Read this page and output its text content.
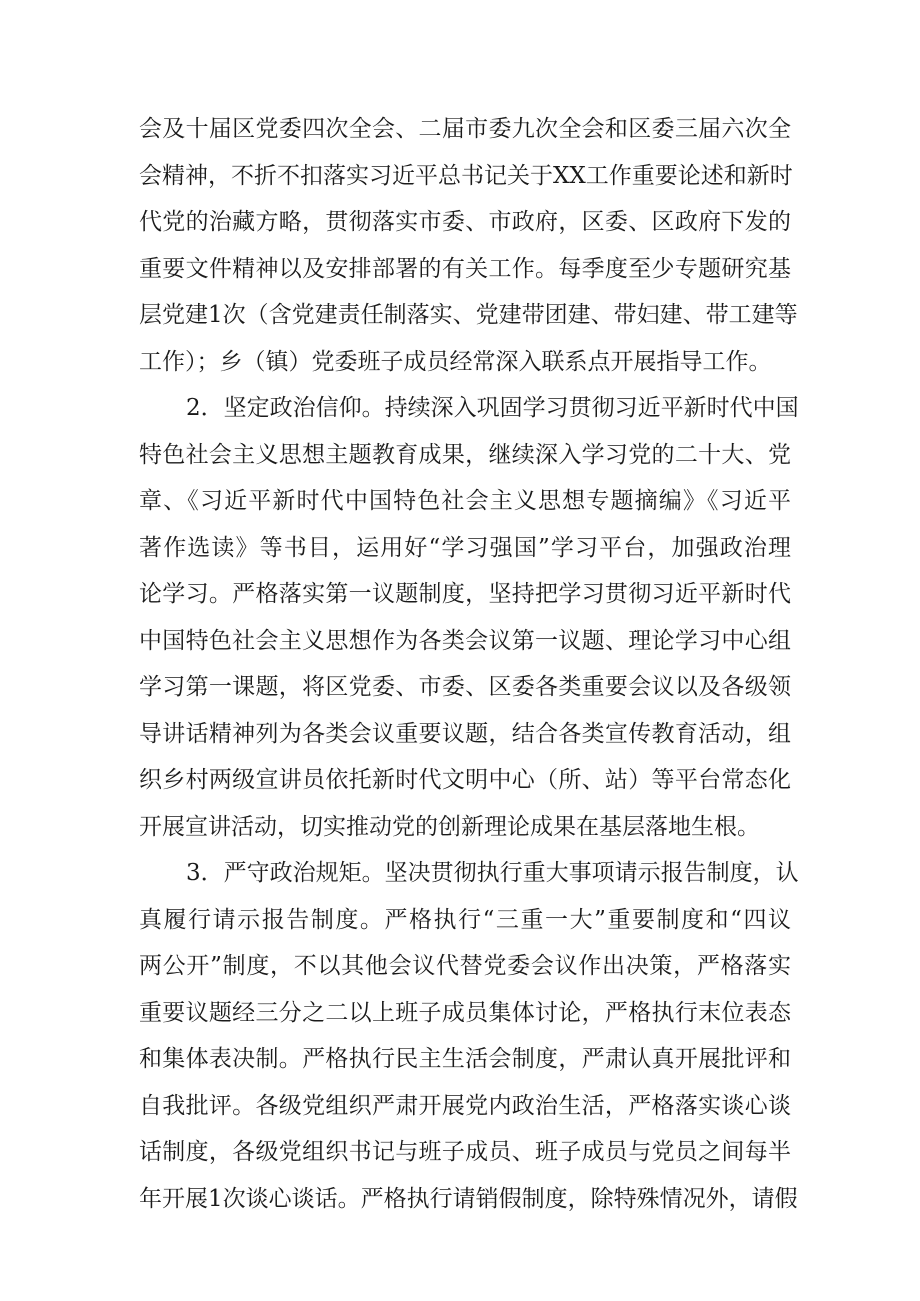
会及十届区党委四次全会、二届市委九次全会和区委三届六次全
会精神，不折不扣落实习近平总书记关于XX工作重要论述和新时
代党的治藏方略，贯彻落实市委、市政府，区委、区政府下发的
重要文件精神以及安排部署的有关工作。每季度至少专题研究基
层党建1次（含党建责任制落实、党建带团建、带妇建、带工建等
工作）；乡（镇）党委班子成员经常深入联系点开展指导工作。
2．坚定政治信仰。持续深入巩固学习贯彻习近平新时代中国
特色社会主义思想主题教育成果，继续深入学习党的二十大、党
章、《习近平新时代中国特色社会主义思想专题摘编》《习近平
著作选读》等书目，运用好“学习强国”学习平台，加强政治理
论学习。严格落实第一议题制度，坚持把学习贯彻习近平新时代
中国特色社会主义思想作为各类会议第一议题、理论学习中心组
学习第一课题，将区党委、市委、区委各类重要会议以及各级领
导讲话精神列为各类会议重要议题，结合各类宣传教育活动，组
织乡村两级宣讲员依托新时代文明中心（所、站）等平台常态化
开展宣讲活动，切实推动党的创新理论成果在基层落地生根。
3．严守政治规矩。坚决贯彻执行重大事项请示报告制度，认
真履行请示报告制度。严格执行“三重一大”重要制度和“四议
两公开”制度，不以其他会议代替党委会议作出决策，严格落实
重要议题经三分之二以上班子成员集体讨论，严格执行末位表态
和集体表决制。严格执行民主生活会制度，严肃认真开展批评和
自我批评。各级党组织严肃开展党内政治生活，严格落实谈心谈
话制度，各级党组织书记与班子成员、班子成员与党员之间每半
年开展1次谈心谈话。严格执行请销假制度，除特殊情况外，请假
